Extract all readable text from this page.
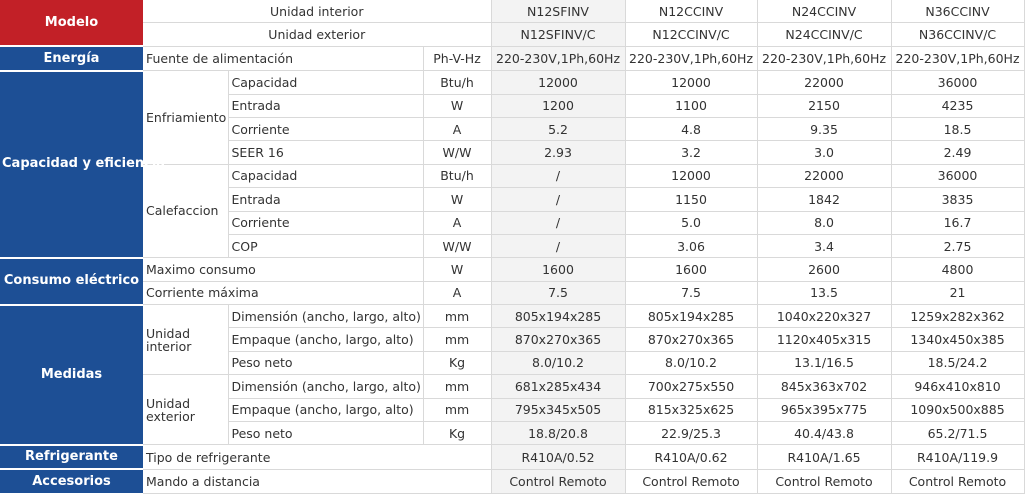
Modelo	Unidad interior			N12SFINV	N12CCINV	N24CCINV	N36CCINV
	Unidad exterior			N12SFINV/C	N12CCINV/C	N24CCINV/C	N36CCINV/C
Energía	Fuente de alimentación		Ph-V-Hz	220-230V,1Ph,60Hz	220-230V,1Ph,60Hz	220-230V,1Ph,60Hz	220-230V,1Ph,60Hz
Capacidad y eficiencia	Enfriamiento	Capacidad	Btu/h	12000	12000	22000	36000
		Entrada	W	1200	1100	2150	4235
		Corriente	A	5.2	4.8	9.35	18.5
		SEER 16	W/W	2.93	3.2	3.0	2.49
	Calefaccion	Capacidad	Btu/h	/	12000	22000	36000
		Entrada	W	/	1150	1842	3835
		Corriente	A	/	5.0	8.0	16.7
		COP	W/W	/	3.06	3.4	2.75
Consumo eléctrico	Maximo consumo		W	1600	1600	2600	4800
	Corriente máxima		A	7.5	7.5	13.5	21
Medidas	Unidad interior	Dimensión (ancho, largo, alto)	mm	805x194x285	805x194x285	1040x220x327	1259x282x362
		Empaque (ancho, largo, alto)	mm	870x270x365	870x270x365	1120x405x315	1340x450x385
		Peso neto	Kg	8.0/10.2	8.0/10.2	13.1/16.5	18.5/24.2
	Unidad exterior	Dimensión (ancho, largo, alto)	mm	681x285x434	700x275x550	845x363x702	946x410x810
		Empaque (ancho, largo, alto)	mm	795x345x505	815x325x625	965x395x775	1090x500x885
		Peso neto	Kg	18.8/20.8	22.9/25.3	40.4/43.8	65.2/71.5
Refrigerante	Tipo de refrigerante			R410A/0.52	R410A/0.62	R410A/1.65	R410A/119.9
Accesorios	Mando a distancia			Control Remoto	Control Remoto	Control Remoto	Control Remoto
